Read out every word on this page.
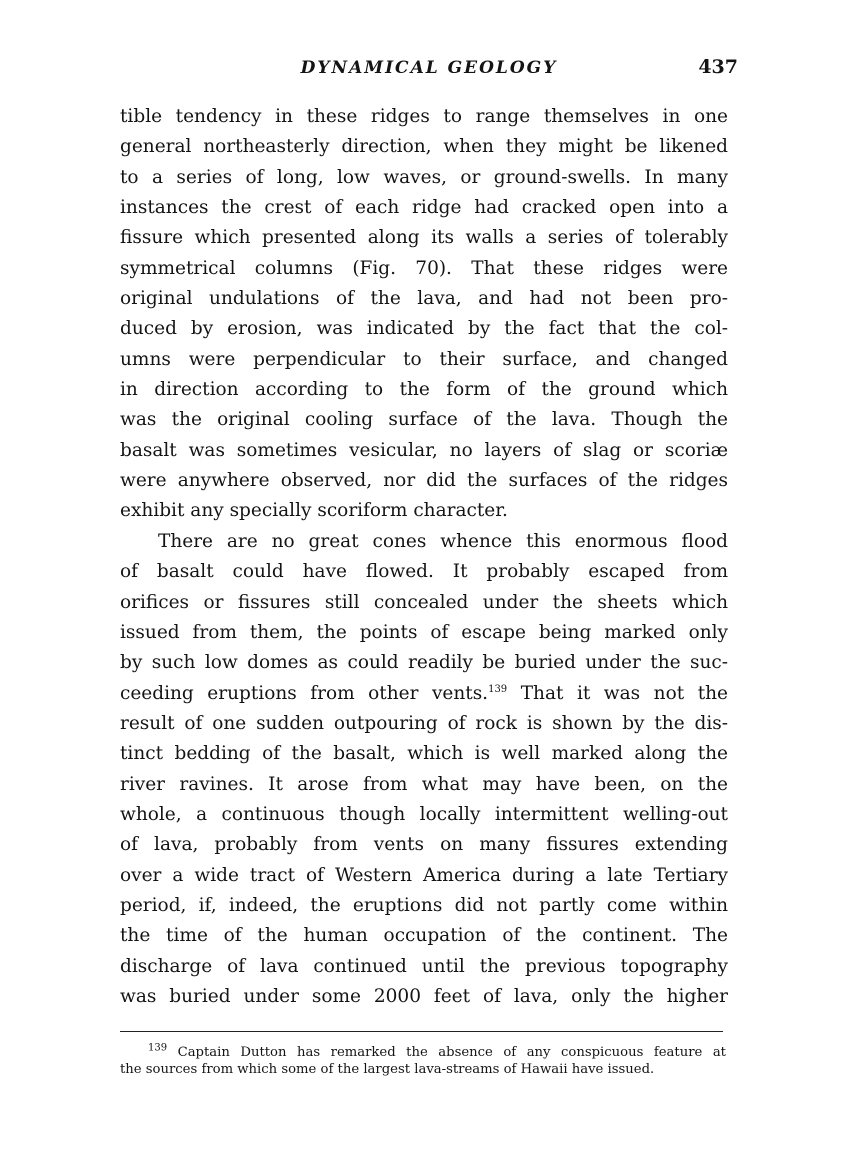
DYNAMICAL GEOLOGY	437
tible tendency in these ridges to range themselves in one
general northeasterly direction, when they might be likened
to a series of long, low waves, or ground-swells. In many
instances the crest of each ridge had cracked open into a
fissure which presented along its walls a series of tolerably
symmetrical columns (Fig. 70). That these ridges were
original undulations of the lava, and had not been pro-
duced by erosion, was indicated by the fact that the col-
umns were perpendicular to their surface, and changed
in direction according to the form of the ground which
was the original cooling surface of the lava. Though the
basalt was sometimes vesicular, no layers of slag or scoriæ
were anywhere observed, nor did the surfaces of the ridges
exhibit any specially scoriform character.
There are no great cones whence this enormous flood
of basalt could have flowed. It probably escaped from
orifices or fissures still concealed under the sheets which
issued from them, the points of escape being marked only
by such low domes as could readily be buried under the suc-
ceeding eruptions from other vents.$^{139}$ That it was not the
result of one sudden outpouring of rock is shown by the dis-
tinct bedding of the basalt, which is well marked along the
river ravines. It arose from what may have been, on the
whole, a continuous though locally intermittent welling-out
of lava, probably from vents on many fissures extending
over a wide tract of Western America during a late Tertiary
period, if, indeed, the eruptions did not partly come within
the time of the human occupation of the continent. The
discharge of lava continued until the previous topography
was buried under some 2000 feet of lava, only the higher
$^{139}$ Captain Dutton has remarked the absence of any conspicuous feature at
the sources from which some of the largest lava-streams of Hawaii have issued.
